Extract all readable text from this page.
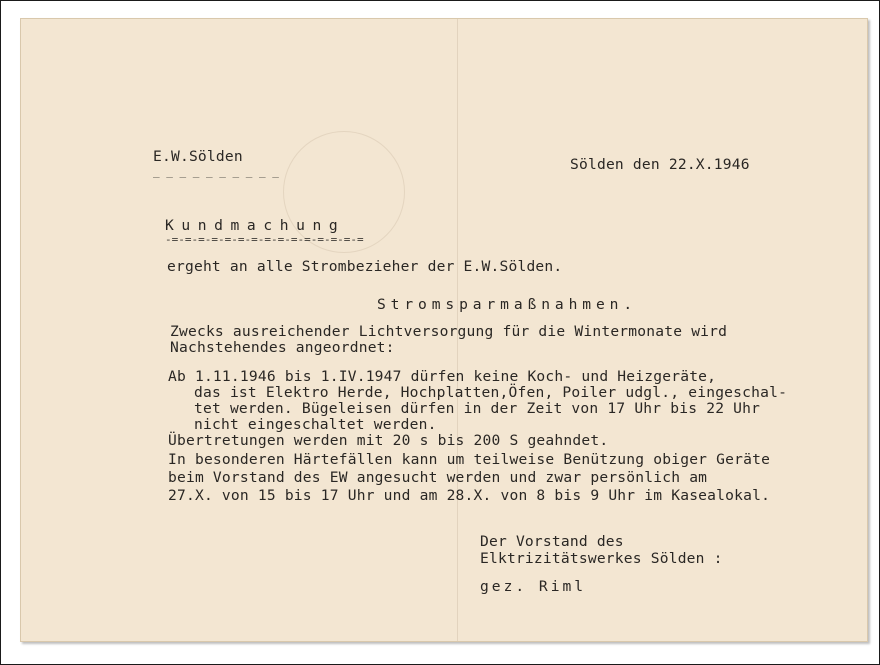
E.W.Sölden
_ _ _ _ _ _ _ _ _ _	Sölden den 22.X.1946
Kundmachung
-=-=-=-=-=-=-=-=-=-=-=-=-=-=-=
ergeht an alle Strombezieher der E.W.Sölden.
Stromsparmaßnahmen.
Zwecks ausreichender Lichtversorgung für die Wintermonate wird
Nachstehendes angeordnet:
Ab 1.11.1946 bis 1.IV.1947 dürfen keine Koch- und Heizgeräte,
das ist Elektro Herde, Hochplatten,Öfen, Poiler udgl., eingeschal-
tet werden. Bügeleisen dürfen in der Zeit von 17 Uhr bis 22 Uhr
nicht eingeschaltet werden.
Übertretungen werden mit 20 s bis 200 S geahndet.
In besonderen Härtefällen kann um teilweise Benützung obiger Geräte
beim Vorstand des EW angesucht werden und zwar persönlich am
27.X. von 15 bis 17 Uhr und am 28.X. von 8 bis 9 Uhr im Kasealokal.
Der Vorstand des
Elktrizitätswerkes Sölden :
gez. Riml
